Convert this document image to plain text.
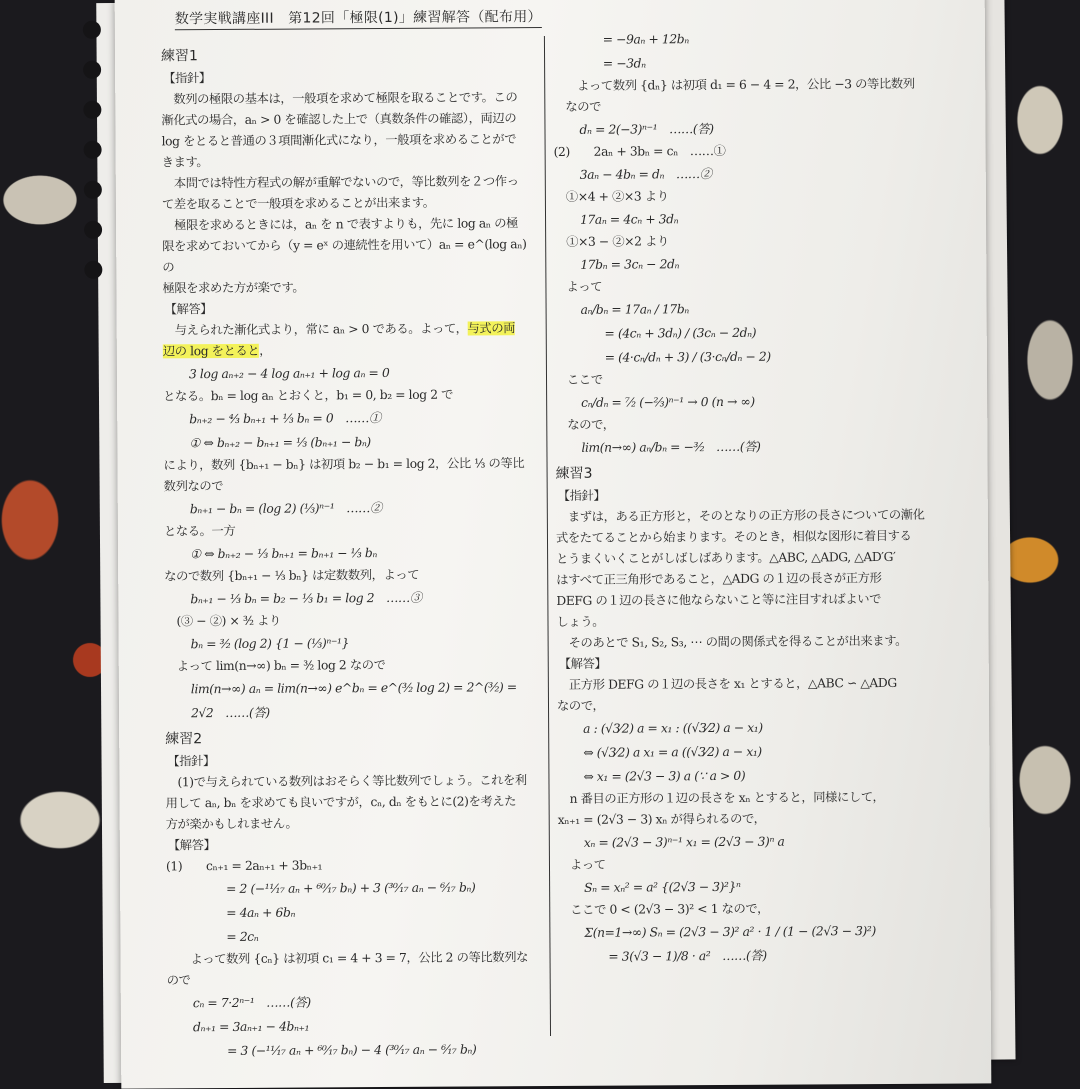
数学実戦講座III　第12回「極限(1)」練習解答（配布用）
練習1
【指針】
数列の極限の基本は，一般項を求めて極限を取ることです。この
漸化式の場合，aₙ > 0 を確認した上で（真数条件の確認），両辺の
log をとると普通の３項間漸化式になり，一般項を求めることがで
きます。
本問では特性方程式の解が重解でないので，等比数列を２つ作っ
て差を取ることで一般項を求めることが出来ます。
極限を求めるときには，aₙ を n で表すよりも，先に log aₙ の極
限を求めておいてから（y = eˣ の連続性を用いて）aₙ = e^(log aₙ) の
極限を求めた方が楽です。
【解答】
与えられた漸化式より，常に aₙ > 0 である。よって，与式の両
辺の log をとると，
3 log aₙ₊₂ − 4 log aₙ₊₁ + log aₙ = 0
となる。bₙ = log aₙ とおくと，b₁ = 0, b₂ = log 2 で
bₙ₊₂ − ⁴⁄₃ bₙ₊₁ + ¹⁄₃ bₙ = 0　……①
① ⇔ bₙ₊₂ − bₙ₊₁ = ¹⁄₃ (bₙ₊₁ − bₙ)
により，数列 {bₙ₊₁ − bₙ} は初項 b₂ − b₁ = log 2，公比 ¹⁄₃ の等比
数列なので
bₙ₊₁ − bₙ = (log 2) (¹⁄₃)ⁿ⁻¹　……②
となる。一方
① ⇔ bₙ₊₂ − ¹⁄₃ bₙ₊₁ = bₙ₊₁ − ¹⁄₃ bₙ
なので数列 {bₙ₊₁ − ¹⁄₃ bₙ} は定数数列，よって
bₙ₊₁ − ¹⁄₃ bₙ = b₂ − ¹⁄₃ b₁ = log 2　……③
(③ − ②) × ³⁄₂ より
bₙ = ³⁄₂ (log 2) {1 − (¹⁄₃)ⁿ⁻¹}
よって lim(n→∞) bₙ = ³⁄₂ log 2 なので
lim(n→∞) aₙ = lim(n→∞) e^bₙ = e^(³⁄₂ log 2) = 2^(³⁄₂) = 2√2　……(答)
練習2
【指針】
(1)で与えられている数列はおそらく等比数列でしょう。これを利
用して aₙ, bₙ を求めても良いですが，cₙ, dₙ をもとに(2)を考えた
方が楽かもしれません。
【解答】
(1)　　cₙ₊₁ = 2aₙ₊₁ + 3bₙ₊₁
= 2 (−¹¹⁄₁₇ aₙ + ⁶⁰⁄₁₇ bₙ) + 3 (³⁰⁄₁₇ aₙ − ⁶⁄₁₇ bₙ)
= 4aₙ + 6bₙ
= 2cₙ
　よって数列 {cₙ} は初項 c₁ = 4 + 3 = 7，公比 2 の等比数列な
ので
cₙ = 7·2ⁿ⁻¹　……(答)
dₙ₊₁ = 3aₙ₊₁ − 4bₙ₊₁
= 3 (−¹¹⁄₁₇ aₙ + ⁶⁰⁄₁₇ bₙ) − 4 (³⁰⁄₁₇ aₙ − ⁶⁄₁₇ bₙ)
　　= −9aₙ + 12bₙ
　　= −3dₙ
　よって数列 {dₙ} は初項 d₁ = 6 − 4 = 2，公比 −3 の等比数列
なので
dₙ = 2(−3)ⁿ⁻¹　……(答)
(2)　　2aₙ + 3bₙ = cₙ　……①
3aₙ − 4bₙ = dₙ　……②
①×4 + ②×3 より
17aₙ = 4cₙ + 3dₙ
①×3 − ②×2 より
17bₙ = 3cₙ − 2dₙ
よって
aₙ/bₙ = 17aₙ / 17bₙ
　　= (4cₙ + 3dₙ) / (3cₙ − 2dₙ)
　　= (4·cₙ/dₙ + 3) / (3·cₙ/dₙ − 2)
ここで
cₙ/dₙ = ⁷⁄₂ (−²⁄₃)ⁿ⁻¹ → 0 (n → ∞)
なので，
lim(n→∞) aₙ/bₙ = −³⁄₂　……(答)
練習3
【指針】
まずは，ある正方形と，そのとなりの正方形の長さについての漸化
式をたてることから始まります。そのとき，相似な図形に着目する
とうまくいくことがしばしばあります。△ABC, △ADG, △AD′G′
はすべて正三角形であること，△ADG の１辺の長さが正方形
DEFG の１辺の長さに他ならないこと等に注目すればよいで
しょう。
そのあとで S₁, S₂, S₃, ⋯ の間の関係式を得ることが出来ます。
【解答】
正方形 DEFG の１辺の長さを x₁ とすると，△ABC ∽ △ADG
なので，
a : (√3⁄2) a = x₁ : ((√3⁄2) a − x₁)
⇔ (√3⁄2) a x₁ = a ((√3⁄2) a − x₁)
⇔ x₁ = (2√3 − 3) a (∵ a > 0)
n 番目の正方形の１辺の長さを xₙ とすると，同様にして，
xₙ₊₁ = (2√3 − 3) xₙ が得られるので，
xₙ = (2√3 − 3)ⁿ⁻¹ x₁ = (2√3 − 3)ⁿ a
よって
Sₙ = xₙ² = a² {(2√3 − 3)²}ⁿ
ここで 0 < (2√3 − 3)² < 1 なので，
Σ(n=1→∞) Sₙ = (2√3 − 3)² a² · 1 / (1 − (2√3 − 3)²)
　　= 3(√3 − 1)/8 · a²　……(答)
